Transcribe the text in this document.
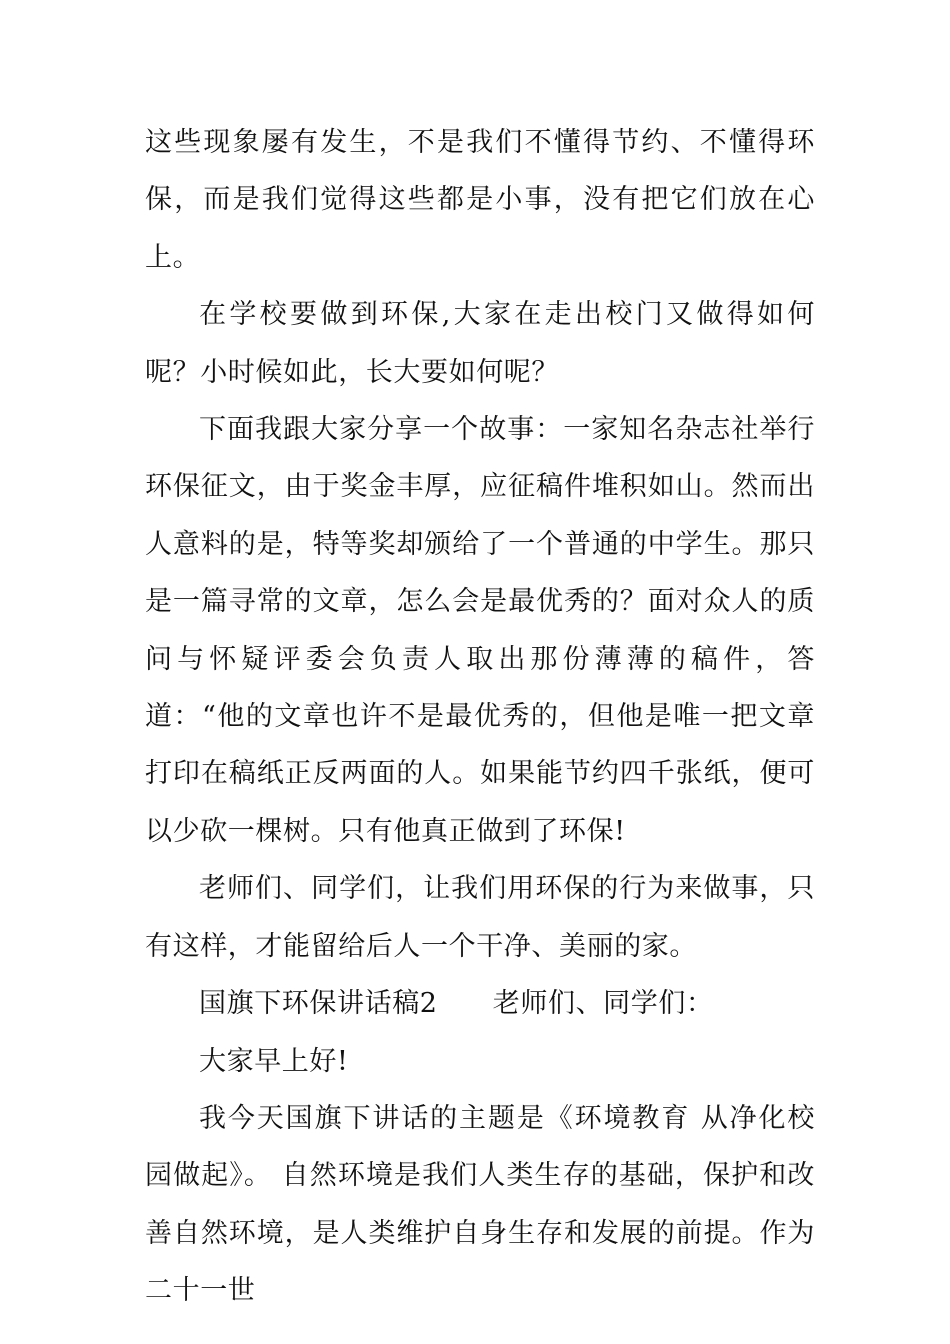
这些现象屡有发生，不是我们不懂得节约、不懂得环保，而是我们觉得这些都是小事，没有把它们放在心上。

在学校要做到环保,大家在走出校门又做得如何呢？小时候如此，长大要如何呢？

下面我跟大家分享一个故事：一家知名杂志社举行环保征文，由于奖金丰厚，应征稿件堆积如山。然而出人意料的是，特等奖却颁给了一个普通的中学生。那只是一篇寻常的文章，怎么会是最优秀的？面对众人的质问与怀疑评委会负责人取出那份薄薄的稿件，答道：“他的文章也许不是最优秀的，但他是唯一把文章打印在稿纸正反两面的人。如果能节约四千张纸，便可以少砍一棵树。只有他真正做到了环保!

老师们、同学们，让我们用环保的行为来做事，只有这样，才能留给后人一个干净、美丽的家。

国旗下环保讲话稿2　　老师们、同学们：

大家早上好!

我今天国旗下讲话的主题是《环境教育 从净化校园做起》。 自然环境是我们人类生存的基础，保护和改善自然环境，是人类维护自身生存和发展的前提。作为二十一世
